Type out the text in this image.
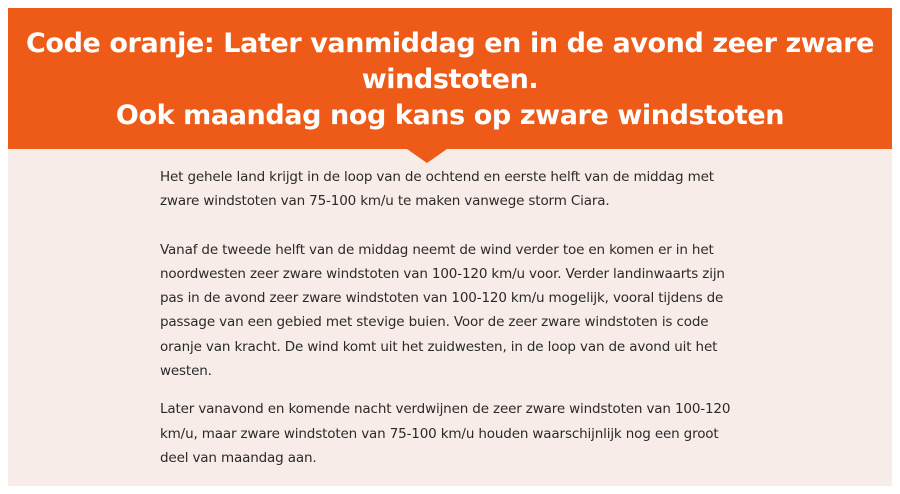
Code oranje: Later vanmiddag en in de avond zeer zware
windstoten.
Ook maandag nog kans op zware windstoten

Het gehele land krijgt in de loop van de ochtend en eerste helft van de middag met zware windstoten van 75-100 km/u te maken vanwege storm Ciara.

Vanaf de tweede helft van de middag neemt de wind verder toe en komen er in het noordwesten zeer zware windstoten van 100-120 km/u voor. Verder landinwaarts zijn pas in de avond zeer zware windstoten van 100-120 km/u mogelijk, vooral tijdens de passage van een gebied met stevige buien. Voor de zeer zware windstoten is code oranje van kracht. De wind komt uit het zuidwesten, in de loop van de avond uit het westen.

Later vanavond en komende nacht verdwijnen de zeer zware windstoten van 100-120 km/u, maar zware windstoten van 75-100 km/u houden waarschijnlijk nog een groot deel van maandag aan.
